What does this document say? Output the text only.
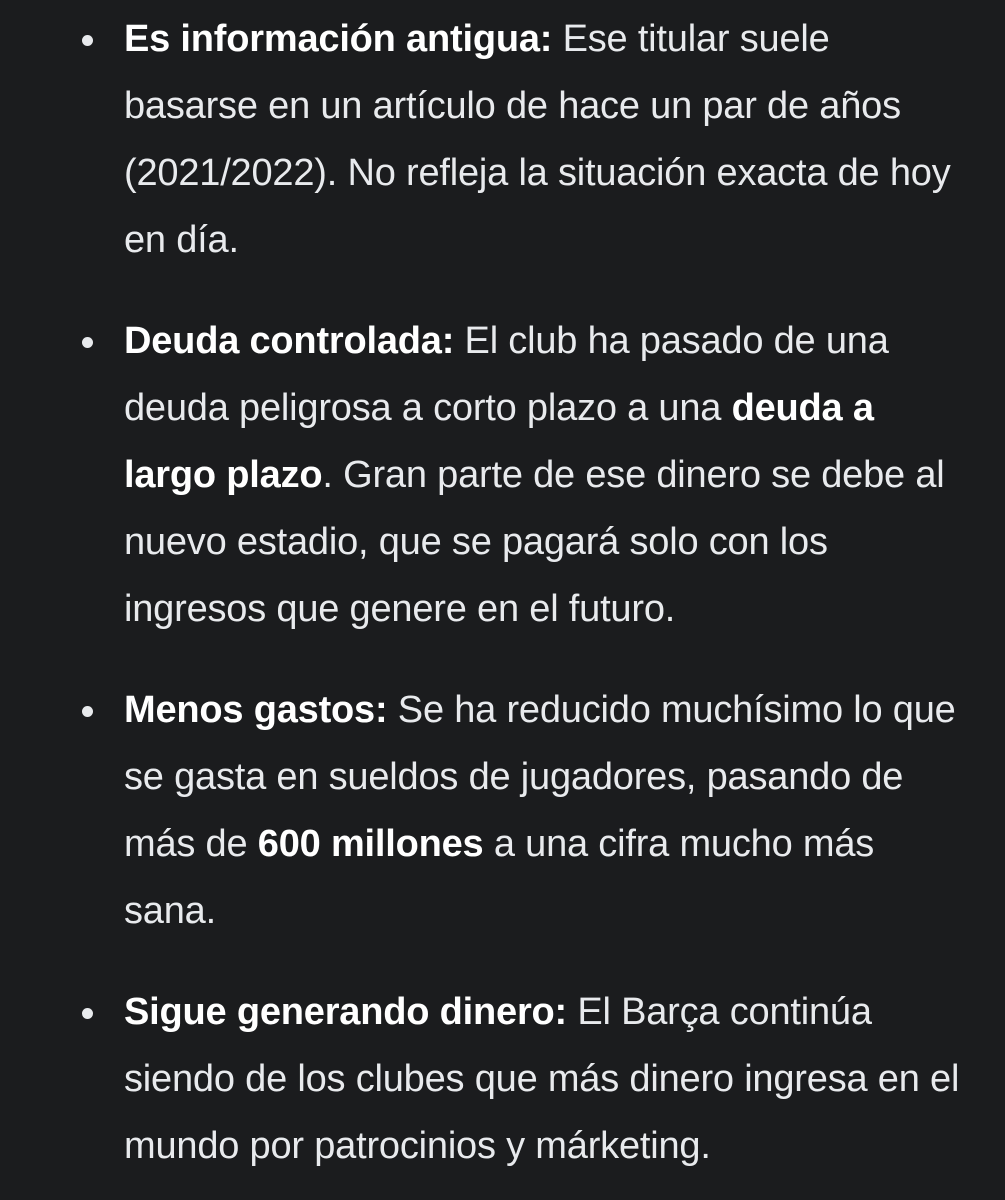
Es información antigua: Ese titular suele basarse en un artículo de hace un par de años (2021/2022). No refleja la situación exacta de hoy en día.
Deuda controlada: El club ha pasado de una deuda peligrosa a corto plazo a una deuda a largo plazo. Gran parte de ese dinero se debe al nuevo estadio, que se pagará solo con los ingresos que genere en el futuro.
Menos gastos: Se ha reducido muchísimo lo que se gasta en sueldos de jugadores, pasando de más de 600 millones a una cifra mucho más sana.
Sigue generando dinero: El Barça continúa siendo de los clubes que más dinero ingresa en el mundo por patrocinios y márketing.
